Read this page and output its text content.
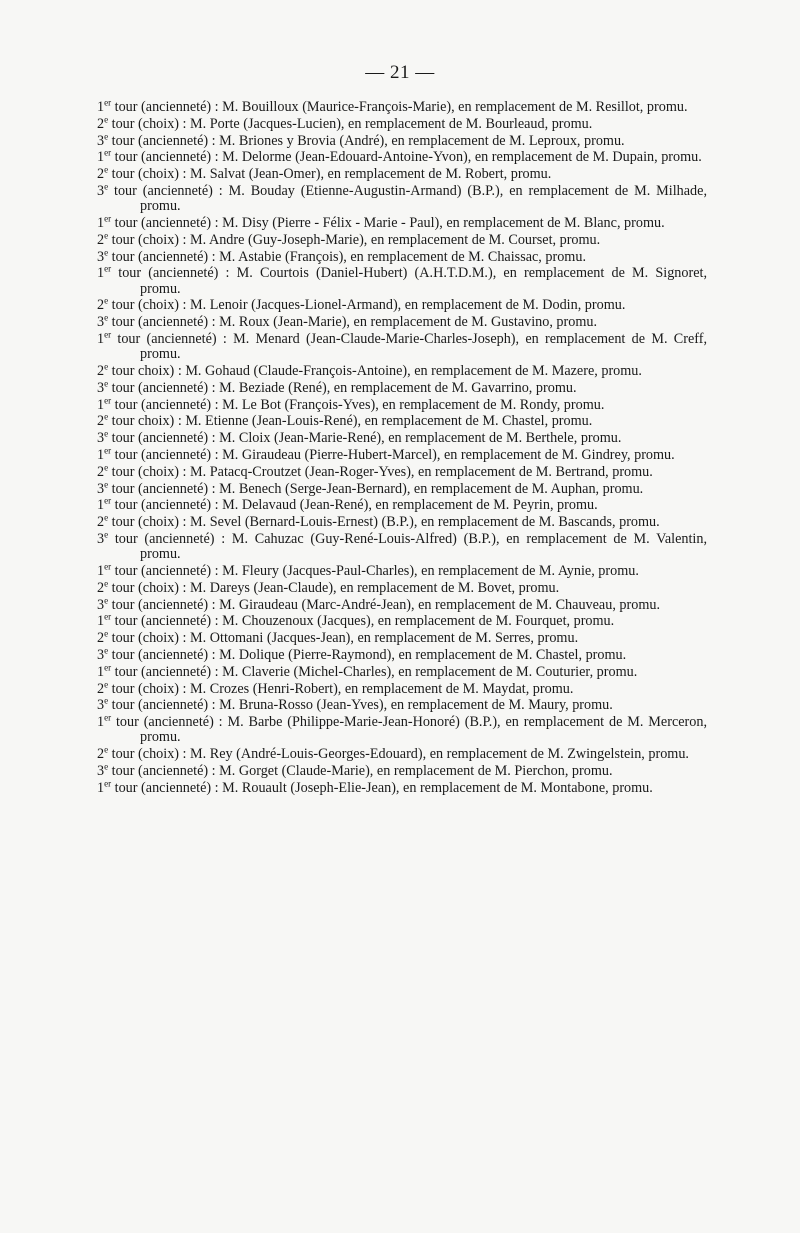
— 21 —

1er tour (ancienneté) : M. Bouilloux (Maurice-François-Marie), en remplacement de M. Resillot, promu.

2e tour (choix) : M. Porte (Jacques-Lucien), en remplacement de M. Bourleaud, promu.

3e tour (ancienneté) : M. Briones y Brovia (André), en remplacement de M. Leproux, promu.

1er tour (ancienneté) : M. Delorme (Jean-Edouard-Antoine-Yvon), en remplacement de M. Dupain, promu.

2e tour (choix) : M. Salvat (Jean-Omer), en remplacement de M. Robert, promu.

3e tour (ancienneté) : M. Bouday (Etienne-Augustin-Armand) (B.P.), en remplacement de M. Milhade, promu.

1er tour (ancienneté) : M. Disy (Pierre - Félix - Marie - Paul), en remplacement de M. Blanc, promu.

2e tour (choix) : M. Andre (Guy-Joseph-Marie), en remplacement de M. Courset, promu.

3e tour (ancienneté) : M. Astabie (François), en remplacement de M. Chaissac, promu.

1er tour (ancienneté) : M. Courtois (Daniel-Hubert) (A.H.T.D.M.), en remplacement de M. Signoret, promu.

2e tour (choix) : M. Lenoir (Jacques-Lionel-Armand), en remplacement de M. Dodin, promu.

3e tour (ancienneté) : M. Roux (Jean-Marie), en remplacement de M. Gustavino, promu.

1er tour (ancienneté) : M. Menard (Jean-Claude-Marie-Charles-Joseph), en remplacement de M. Creff, promu.

2e tour choix) : M. Gohaud (Claude-François-Antoine), en remplacement de M. Mazere, promu.

3e tour (ancienneté) : M. Beziade (René), en remplacement de M. Gavarrino, promu.

1er tour (ancienneté) : M. Le Bot (François-Yves), en remplacement de M. Rondy, promu.

2e tour choix) : M. Etienne (Jean-Louis-René), en remplacement de M. Chastel, promu.

3e tour (ancienneté) : M. Cloix (Jean-Marie-René), en remplacement de M. Berthele, promu.

1er tour (ancienneté) : M. Giraudeau (Pierre-Hubert-Marcel), en remplacement de M. Gindrey, promu.

2e tour (choix) : M. Patacq-Croutzet (Jean-Roger-Yves), en remplacement de M. Bertrand, promu.

3e tour (ancienneté) : M. Benech (Serge-Jean-Bernard), en remplacement de M. Auphan, promu.

1er tour (ancienneté) : M. Delavaud (Jean-René), en remplacement de M. Peyrin, promu.

2e tour (choix) : M. Sevel (Bernard-Louis-Ernest) (B.P.), en remplacement de M. Bascands, promu.

3e tour (ancienneté) : M. Cahuzac (Guy-René-Louis-Alfred) (B.P.), en remplacement de M. Valentin, promu.

1er tour (ancienneté) : M. Fleury (Jacques-Paul-Charles), en remplacement de M. Aynie, promu.

2e tour (choix) : M. Dareys (Jean-Claude), en remplacement de M. Bovet, promu.

3e tour (ancienneté) : M. Giraudeau (Marc-André-Jean), en remplacement de M. Chauveau, promu.

1er tour (ancienneté) : M. Chouzenoux (Jacques), en remplacement de M. Fourquet, promu.

2e tour (choix) : M. Ottomani (Jacques-Jean), en remplacement de M. Serres, promu.

3e tour (ancienneté) : M. Dolique (Pierre-Raymond), en remplacement de M. Chastel, promu.

1er tour (ancienneté) : M. Claverie (Michel-Charles), en remplacement de M. Couturier, promu.

2e tour (choix) : M. Crozes (Henri-Robert), en remplacement de M. Maydat, promu.

3e tour (ancienneté) : M. Bruna-Rosso (Jean-Yves), en remplacement de M. Maury, promu.

1er tour (ancienneté) : M. Barbe (Philippe-Marie-Jean-Honoré) (B.P.), en remplacement de M. Merceron, promu.

2e tour (choix) : M. Rey (André-Louis-Georges-Edouard), en remplacement de M. Zwingelstein, promu.

3e tour (ancienneté) : M. Gorget (Claude-Marie), en remplacement de M. Pierchon, promu.

1er tour (ancienneté) : M. Rouault (Joseph-Elie-Jean), en remplacement de M. Montabone, promu.
